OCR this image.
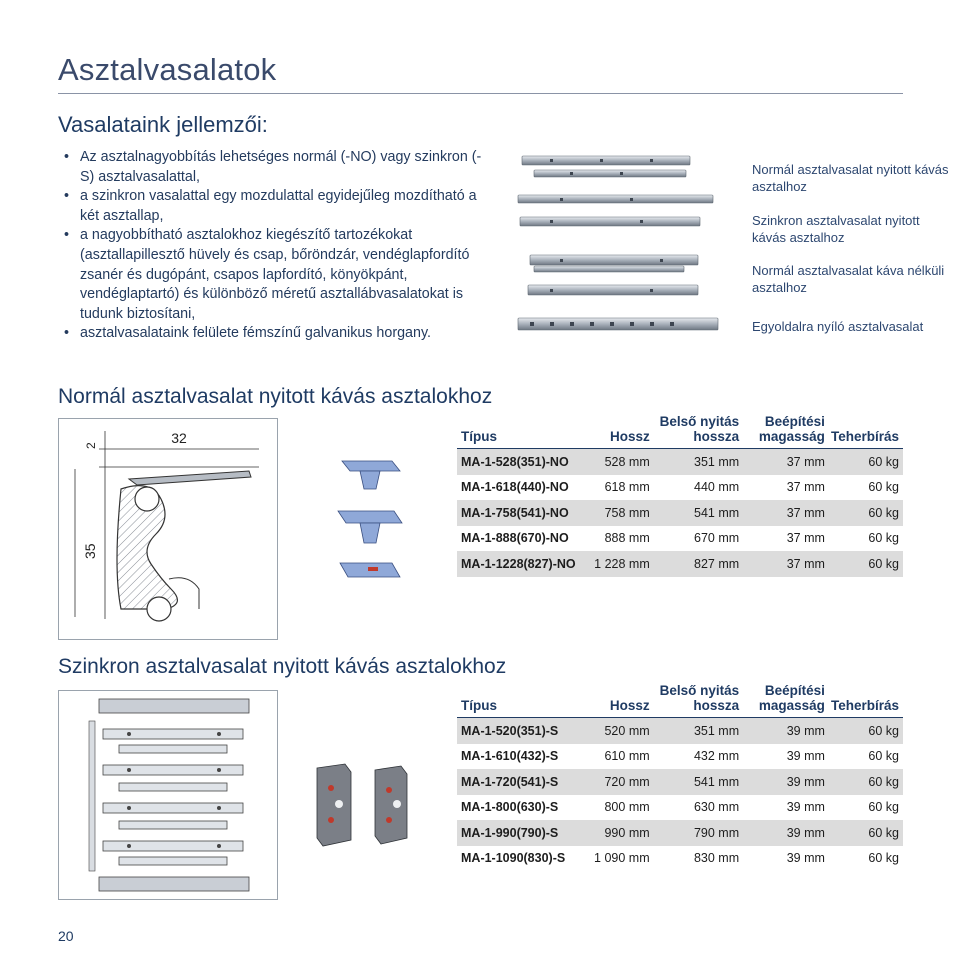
Asztalvasalatok
Vasalataink jellemzői:
• Az asztalnagyobbítás lehetséges normál (-NO) vagy szinkron (-S) asztalvasalattal,
• a szinkron vasalattal egy mozdulattal egyidejűleg mozdítható a két asztallap,
• a nagyobbítható asztalokhoz kiegészítő tartozékokat (asztallapillesztő hüvely és csap, bőröndzár, vendéglapfordító zsanér és dugópánt, csapos lapfordító, könyökpánt, vendéglaptartó) és különböző méretű asztallábvasalatokat is tudunk biztosítani,
• asztalvasalataink felülete fémszínű galvanikus horgany.

Normál asztalvasalat nyitott kávás asztalhoz

Szinkron asztalvasalat nyitott kávás asztalhoz

Normál asztalvasalat káva nélküli asztalhoz

Egyoldalra nyíló asztalvasalat

Normál asztalvasalat nyitott kávás asztalokhoz
32
2
35
Típus	Hossz	Belső nyitás hossza	Beépítési magasság	Teherbírás
MA-1-528(351)-NO	528 mm	351 mm	37 mm	60 kg
MA-1-618(440)-NO	618 mm	440 mm	37 mm	60 kg
MA-1-758(541)-NO	758 mm	541 mm	37 mm	60 kg
MA-1-888(670)-NO	888 mm	670 mm	37 mm	60 kg
MA-1-1228(827)-NO	1 228 mm	827 mm	37 mm	60 kg
Szinkron asztalvasalat nyitott kávás asztalokhoz
Típus	Hossz	Belső nyitás hossza	Beépítési magasság	Teherbírás
MA-1-520(351)-S	520 mm	351 mm	39 mm	60 kg
MA-1-610(432)-S	610 mm	432 mm	39 mm	60 kg
MA-1-720(541)-S	720 mm	541 mm	39 mm	60 kg
MA-1-800(630)-S	800 mm	630 mm	39 mm	60 kg
MA-1-990(790)-S	990 mm	790 mm	39 mm	60 kg
MA-1-1090(830)-S	1 090 mm	830 mm	39 mm	60 kg
20
